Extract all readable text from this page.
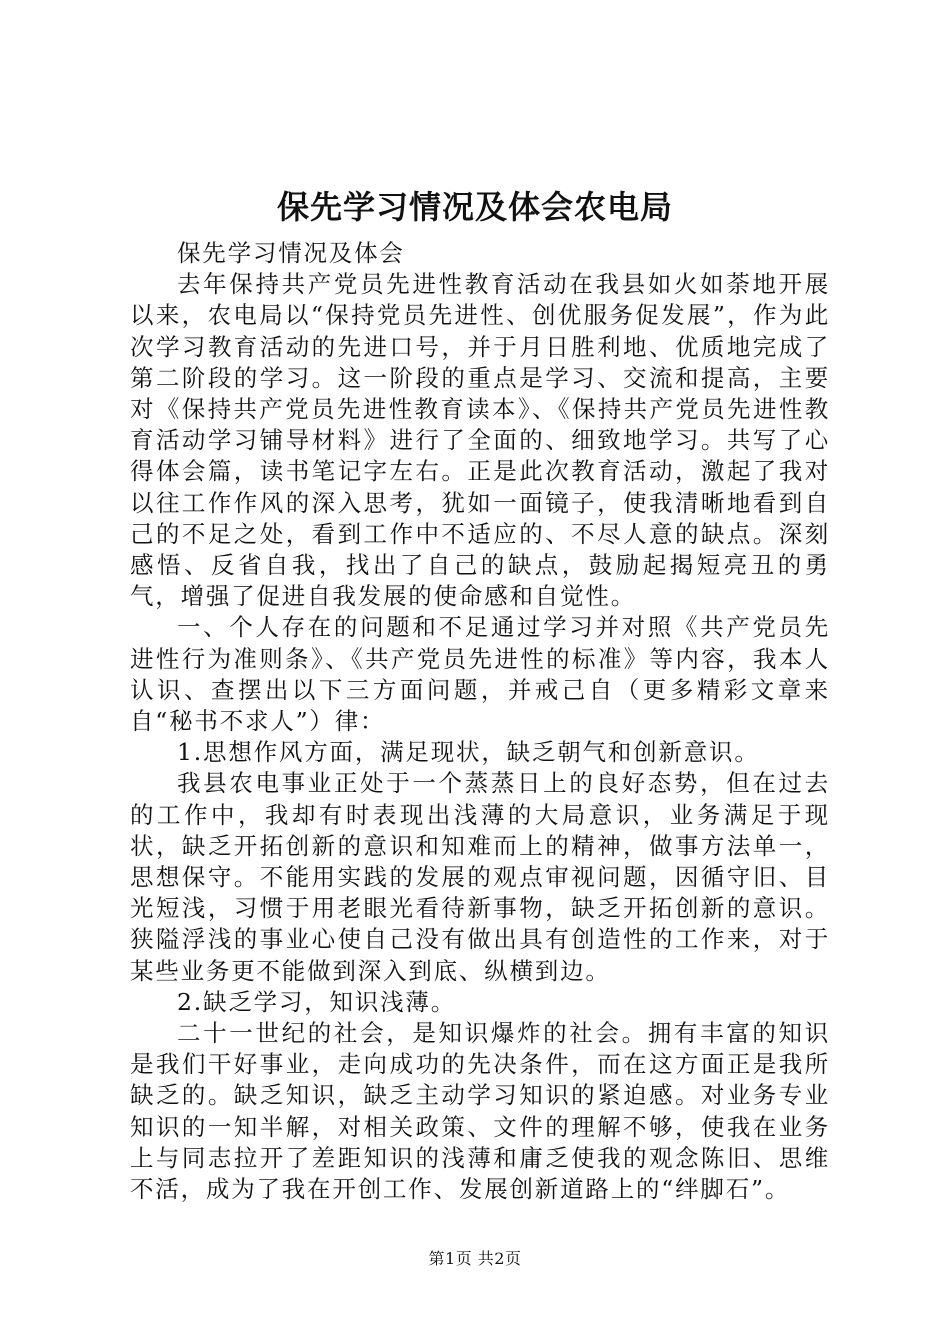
保先学习情况及体会农电局

保先学习情况及体会

去年保持共产党员先进性教育活动在我县如火如荼地开展以来，农电局以“保持党员先进性、创优服务促发展”，作为此次学习教育活动的先进口号，并于月日胜利地、优质地完成了第二阶段的学习。这一阶段的重点是学习、交流和提高，主要对《保持共产党员先进性教育读本》、《保持共产党员先进性教育活动学习铺导材料》进行了全面的、细致地学习。共写了心得体会篇，读书笔记字左右。正是此次教育活动，激起了我对以往工作作风的深入思考，犹如一面镜子，使我清晰地看到自己的不足之处，看到工作中不适应的、不尽人意的缺点。深刻感悟、反省自我，找出了自己的缺点，鼓励起揭短亮丑的勇气，增强了促进自我发展的使命感和自觉性。

一、个人存在的问题和不足通过学习并对照《共产党员先进性行为准则条》、《共产党员先进性的标准》等内容，我本人认识、查摆出以下三方面问题，并戒己自（更多精彩文章来自“秘书不求人”）律：

1.思想作风方面，满足现状，缺乏朝气和创新意识。

我县农电事业正处于一个蒸蒸日上的良好态势，但在过去的工作中，我却有时表现出浅薄的大局意识，业务满足于现状，缺乏开拓创新的意识和知难而上的精神，做事方法单一，思想保守。不能用实践的发展的观点审视问题，因循守旧、目光短浅，习惯于用老眼光看待新事物，缺乏开拓创新的意识。狭隘浮浅的事业心使自己没有做出具有创造性的工作来，对于某些业务更不能做到深入到底、纵横到边。

2.缺乏学习，知识浅薄。

二十一世纪的社会，是知识爆炸的社会。拥有丰富的知识是我们干好事业，走向成功的先决条件，而在这方面正是我所缺乏的。缺乏知识，缺乏主动学习知识的紧迫感。对业务专业知识的一知半解，对相关政策、文件的理解不够，使我在业务上与同志拉开了差距知识的浅薄和庸乏使我的观念陈旧、思维不活，成为了我在开创工作、发展创新道路上的“绊脚石”。

第1页 共2页
